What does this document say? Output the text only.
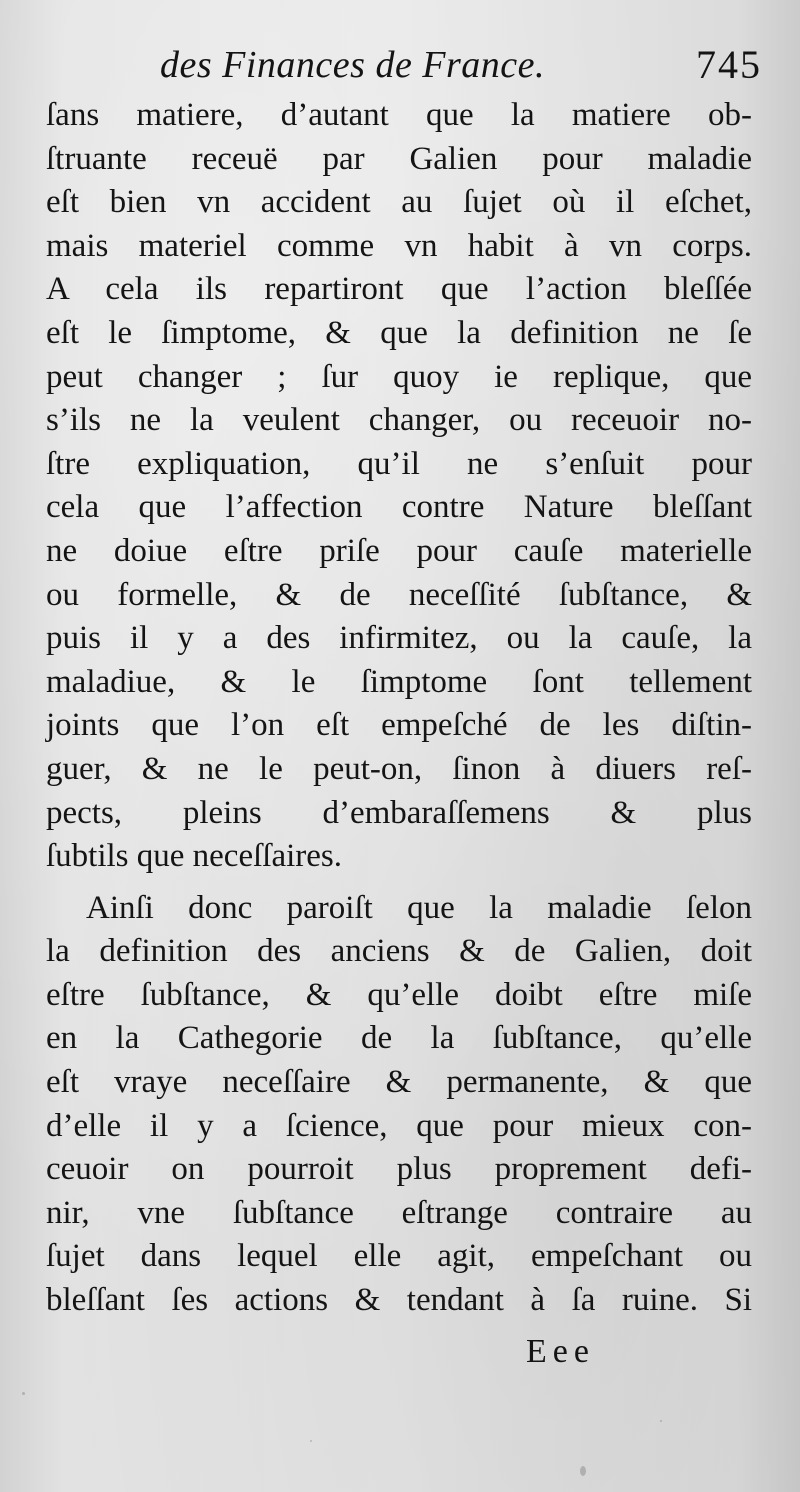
des Finances de France.	745
ſans matiere, d’autant que la matiere ob-
ſtruante receuë par Galien pour maladie
eſt bien vn accident au ſujet où il eſchet,
mais materiel comme vn habit à vn corps.
A cela ils repartiront que l’action bleſſée
eſt le ſimptome, & que la definition ne ſe
peut changer ; ſur quoy ie replique, que
s’ils ne la veulent changer, ou receuoir no-
ſtre expliquation, qu’il ne s’enſuit pour
cela que l’affection contre Nature bleſſant
ne doiue eſtre priſe pour cauſe materielle
ou formelle, & de neceſſité ſubſtance, &
puis il y a des infirmitez, ou la cauſe, la
maladiue, & le ſimptome ſont tellement
joints que l’on eſt empeſché de les diſtin-
guer, & ne le peut-on, ſinon à diuers reſ-
pects, pleins d’embaraſſemens & plus
ſubtils que neceſſaires.
Ainſi donc paroiſt que la maladie ſelon
la definition des anciens & de Galien, doit
eſtre ſubſtance, & qu’elle doibt eſtre miſe
en la Cathegorie de la ſubſtance, qu’elle
eſt vraye neceſſaire & permanente, & que
d’elle il y a ſcience, que pour mieux con-
ceuoir on pourroit plus proprement defi-
nir, vne ſubſtance eſtrange contraire au
ſujet dans lequel elle agit, empeſchant ou
bleſſant ſes actions & tendant à ſa ruine. Si
Eee
